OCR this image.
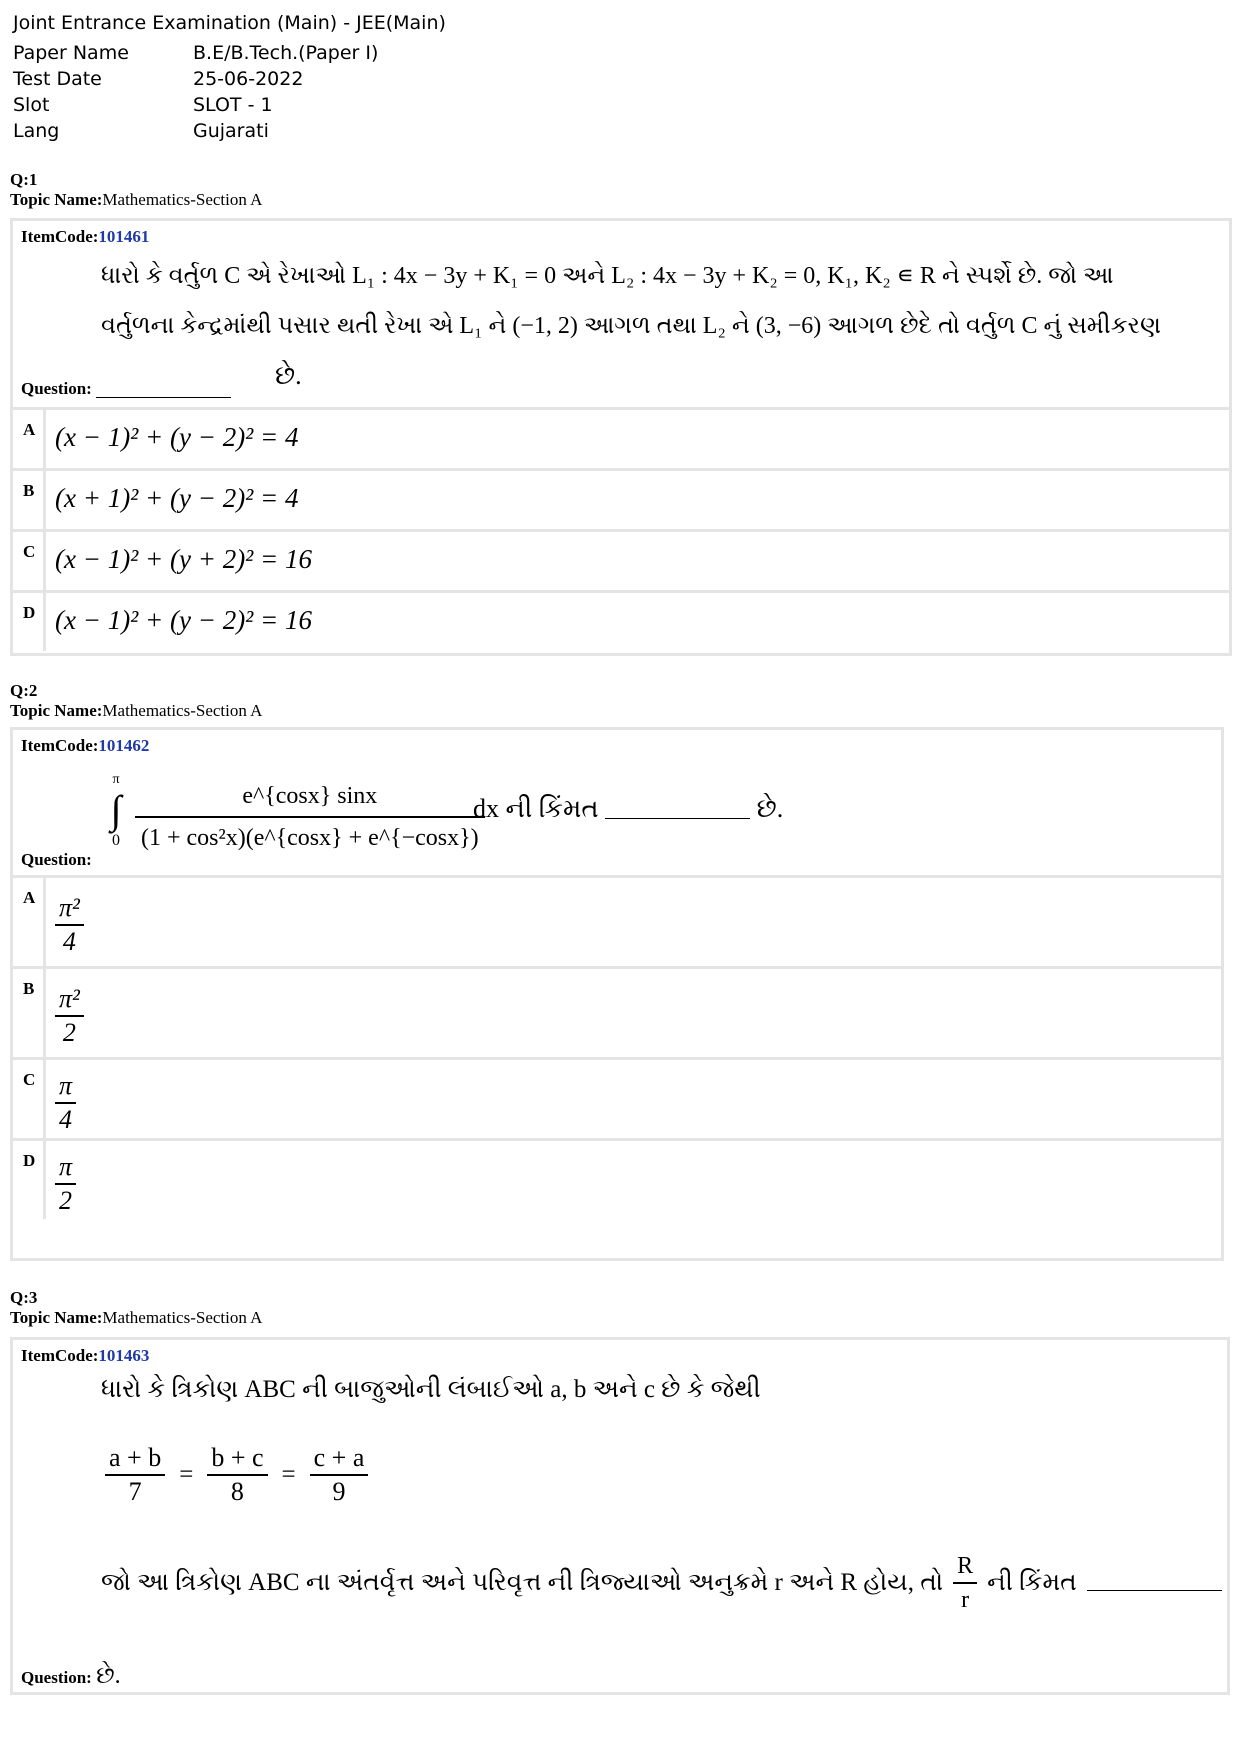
Joint Entrance Examination (Main) - JEE(Main)
Paper Name	B.E/B.Tech.(Paper I)
Test Date	25-06-2022
Slot	SLOT - 1
Lang	Gujarati
Q:1
Topic Name:Mathematics-Section A
ItemCode:101461
ધારો કે વર્તુળ C એ રેખાઓ L₁ : 4x − 3y + K₁ = 0 અને L₂ : 4x − 3y + K₂ = 0, K₁, K₂ ∊ R ને સ્પર્શે છે. જો આ
વર્તુળના કેન્દ્રમાંથી પસાર થતી રેખા એ L₁ ને (−1, 2) આગળ તથા L₂ ને (3, −6) આગળ છેદે તો વર્તુળ C નું સમીકરણ
Question:	છે.
A (x − 1)² + (y − 2)² = 4
B (x + 1)² + (y − 2)² = 4
C (x − 1)² + (y + 2)² = 16
D (x − 1)² + (y − 2)² = 16
Q:2
Topic Name:Mathematics-Section A
ItemCode:101462
π
∫
$0 \frac{e\^{}\{\cos x\} \sin x}{\text{(1 + cos²x)(e\textasciicircum{}\{cosx\} + e\textasciicircum{}\{−cosx\})}}$
dx ની કિંમત	છે.
Question:
A $\frac{\text{π²}}{4}$
B $\frac{\text{π²}}{2}$
C $\frac{\pi}{4}$
D $\frac{\pi}{2}$
Q:3
Topic Name:Mathematics-Section A
ItemCode:101463
ધારો કે ત્રિકોણ ABC ની બાજુઓની લંબાઈઓ a, b અને c છે કે જેથી
$\frac{a + b}{7} = \frac{b + c}{8} = \frac{c + a}{9}$
જો આ ત્રિકોણ ABC ના અંતર્વૃત્ત અને પરિવૃત્ત ની ત્રિજ્યાઓ અનુક્રમે r અને R હોય, તો $\frac{R}{r}$ ની કિંમત
Question: છે.
